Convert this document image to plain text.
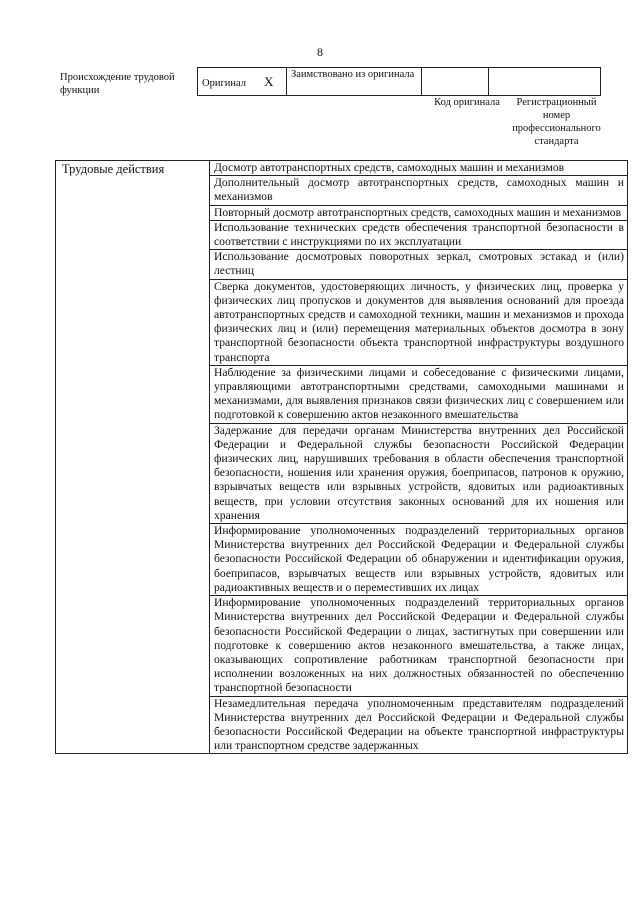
8
Происхождение трудовой функции
Оригинал X	Заимствовано из оригинала		
Код оригинала	Регистрационный номер профессионального стандарта
Трудовые действия	Досмотр автотранспортных средств, самоходных машин и механизмов
Дополнительный досмотр автотранспортных средств, самоходных машин и механизмов
Повторный досмотр автотранспортных средств, самоходных машин и механизмов
Использование технических средств обеспечения транспортной безопасности в соответствии с инструкциями по их эксплуатации
Использование досмотровых поворотных зеркал, смотровых эстакад и (или) лестниц
Сверка документов, удостоверяющих личность, у физических лиц, проверка у физических лиц пропусков и документов для выявления оснований для проезда автотранспортных средств и самоходной техники, машин и механизмов и прохода физических лиц и (или) перемещения материальных объектов досмотра в зону транспортной безопасности объекта транспортной инфраструктуры воздушного транспорта
Наблюдение за физическими лицами и собеседование с физическими лицами, управляющими автотранспортными средствами, самоходными машинами и механизмами, для выявления признаков связи физических лиц с совершением или подготовкой к совершению актов незаконного вмешательства
Задержание для передачи органам Министерства внутренних дел Российской Федерации и Федеральной службы безопасности Российской Федерации физических лиц, нарушивших требования в области обеспечения транспортной безопасности, ношения или хранения оружия, боеприпасов, патронов к оружию, взрывчатых веществ или взрывных устройств, ядовитых или радиоактивных веществ, при условии отсутствия законных оснований для их ношения или хранения
Информирование уполномоченных подразделений территориальных органов Министерства внутренних дел Российской Федерации и Федеральной службы безопасности Российской Федерации об обнаружении и идентификации оружия, боеприпасов, взрывчатых веществ или взрывных устройств, ядовитых или радиоактивных веществ и о переместивших их лицах
Информирование уполномоченных подразделений территориальных органов Министерства внутренних дел Российской Федерации и Федеральной службы безопасности Российской Федерации о лицах, застигнутых при совершении или подготовке к совершению актов незаконного вмешательства, а также лицах, оказывающих сопротивление работникам транспортной безопасности при исполнении возложенных на них должностных обязанностей по обеспечению транспортной безопасности
Незамедлительная передача уполномоченным представителям подразделений Министерства внутренних дел Российской Федерации и Федеральной службы безопасности Российской Федерации на объекте транспортной инфраструктуры или транспортном средстве задержанных
